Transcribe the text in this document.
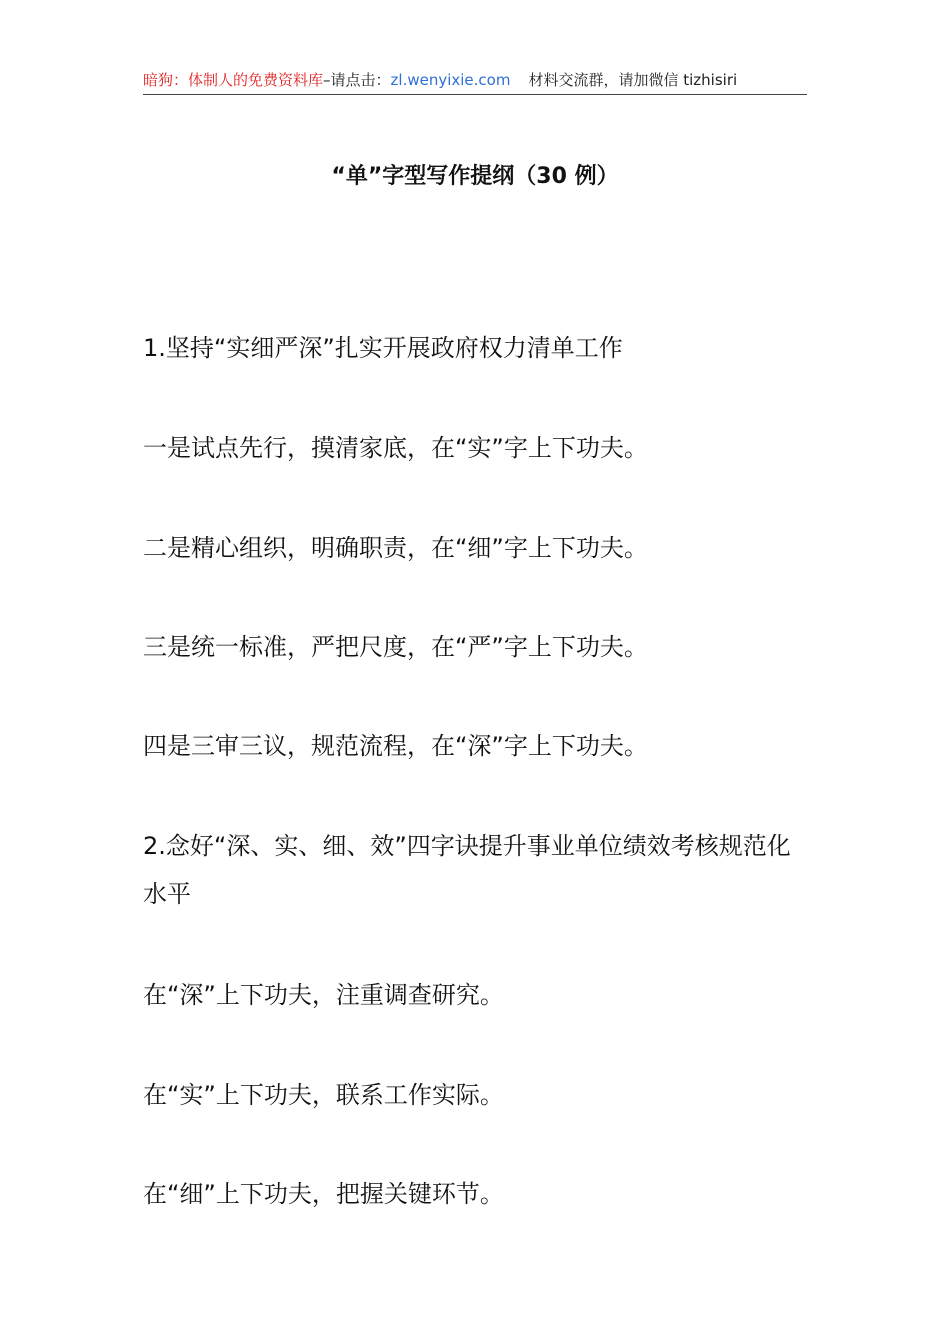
暗狗：体制人的免费资料库–请点击：zl.wenyixie.com 材料交流群，请加微信 tizhisiri
“单”字型写作提纲（30 例）

1.坚持“实细严深”扎实开展政府权力清单工作

一是试点先行，摸清家底，在“实”字上下功夫。

二是精心组织，明确职责，在“细”字上下功夫。

三是统一标准，严把尺度，在“严”字上下功夫。

四是三审三议，规范流程，在“深”字上下功夫。

2.念好“深、实、细、效”四字诀提升事业单位绩效考核规范化水平

在“深”上下功夫，注重调查研究。

在“实”上下功夫，联系工作实际。

在“细”上下功夫，把握关键环节。
